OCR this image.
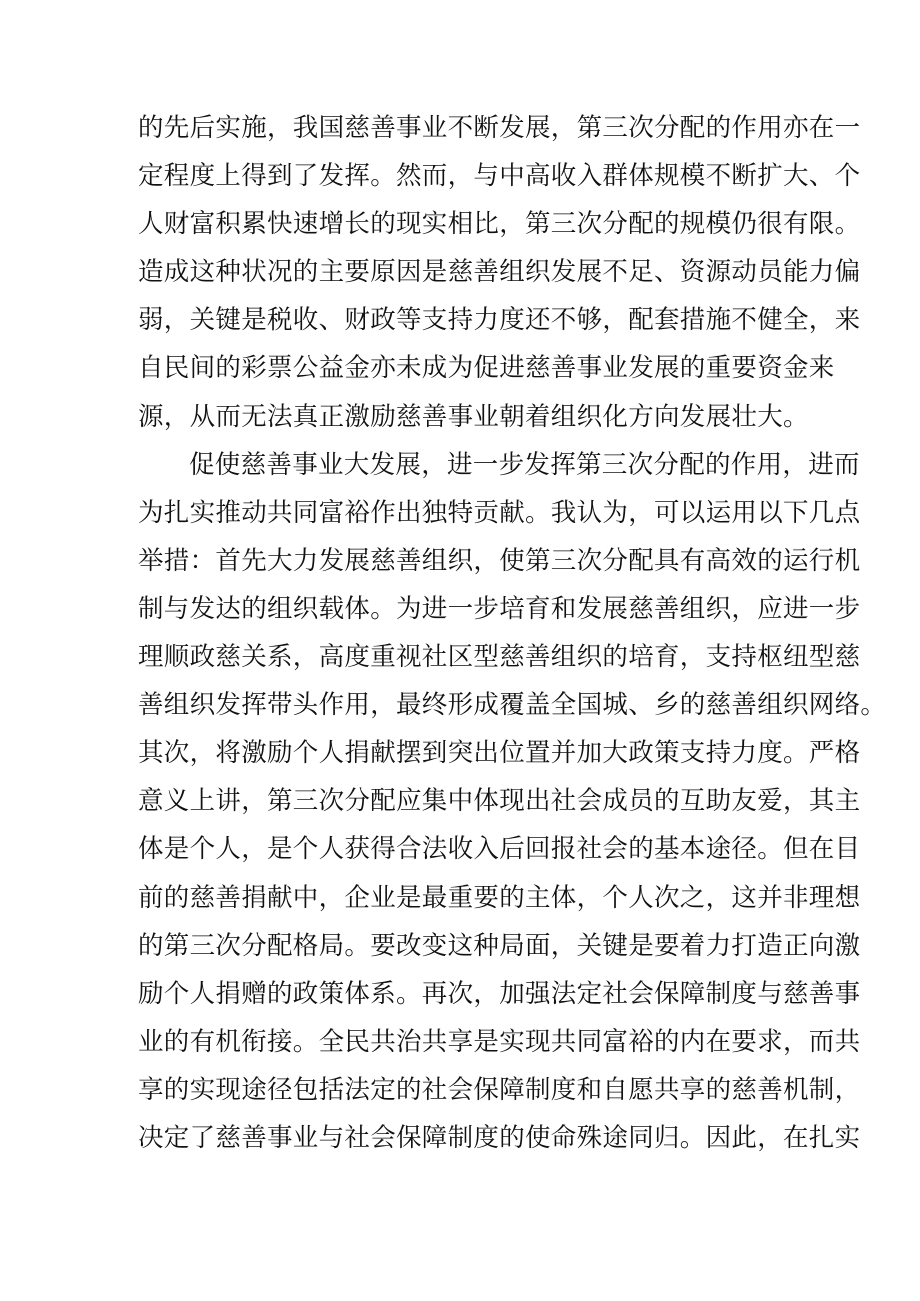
的先后实施，我国慈善事业不断发展，第三次分配的作用亦在一
定程度上得到了发挥。然而，与中高收入群体规模不断扩大、个
人财富积累快速增长的现实相比，第三次分配的规模仍很有限。
造成这种状况的主要原因是慈善组织发展不足、资源动员能力偏
弱，关键是税收、财政等支持力度还不够，配套措施不健全，来
自民间的彩票公益金亦未成为促进慈善事业发展的重要资金来
源，从而无法真正激励慈善事业朝着组织化方向发展壮大。
促使慈善事业大发展，进一步发挥第三次分配的作用，进而
为扎实推动共同富裕作出独特贡献。我认为，可以运用以下几点
举措：首先大力发展慈善组织，使第三次分配具有高效的运行机
制与发达的组织载体。为进一步培育和发展慈善组织，应进一步
理顺政慈关系，高度重视社区型慈善组织的培育，支持枢纽型慈
善组织发挥带头作用，最终形成覆盖全国城、乡的慈善组织网络。
其次，将激励个人捐献摆到突出位置并加大政策支持力度。严格
意义上讲，第三次分配应集中体现出社会成员的互助友爱，其主
体是个人，是个人获得合法收入后回报社会的基本途径。但在目
前的慈善捐献中，企业是最重要的主体，个人次之，这并非理想
的第三次分配格局。要改变这种局面，关键是要着力打造正向激
励个人捐赠的政策体系。再次，加强法定社会保障制度与慈善事
业的有机衔接。全民共治共享是实现共同富裕的内在要求，而共
享的实现途径包括法定的社会保障制度和自愿共享的慈善机制，
决定了慈善事业与社会保障制度的使命殊途同归。因此，在扎实
